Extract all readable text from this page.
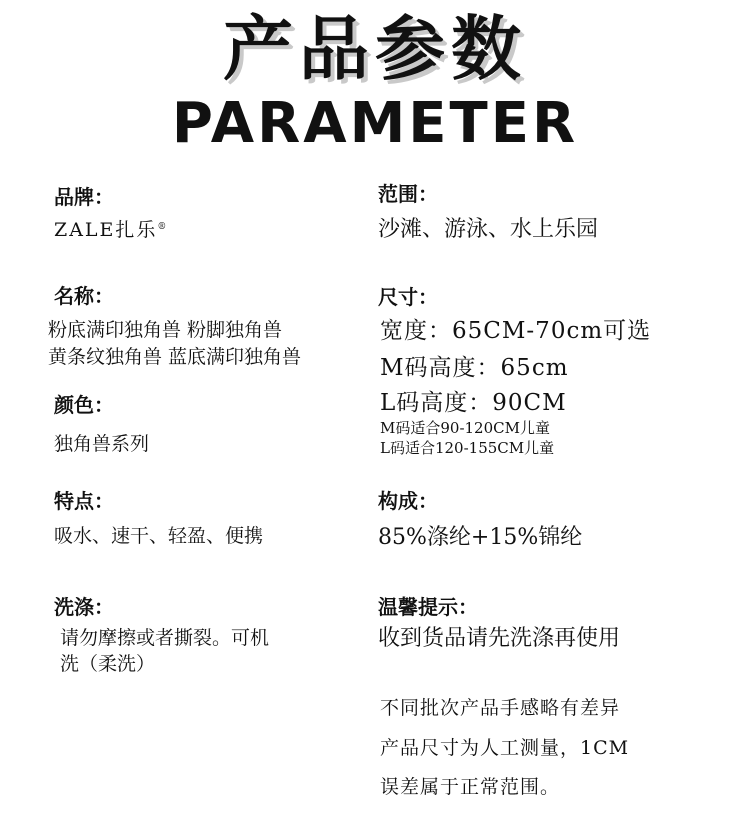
产品参数
PARAMETER
品牌：
ZALE扎乐®
名称：
粉底满印独角兽 粉脚独角兽
黄条纹独角兽 蓝底满印独角兽
颜色：
独角兽系列
特点：
吸水、速干、轻盈、便携
洗涤：
请勿摩擦或者撕裂。可机
洗（柔洗）
范围：
沙滩、游泳、水上乐园
尺寸：
宽度：65CM-70cm可选
M码高度：65cm
L码高度：90CM
M码适合90-120CM儿童
L码适合120-155CM儿童
构成：
85%涤纶+15%锦纶
温馨提示：
收到货品请先洗涤再使用
不同批次产品手感略有差异
产品尺寸为人工测量，1CM
误差属于正常范围。
